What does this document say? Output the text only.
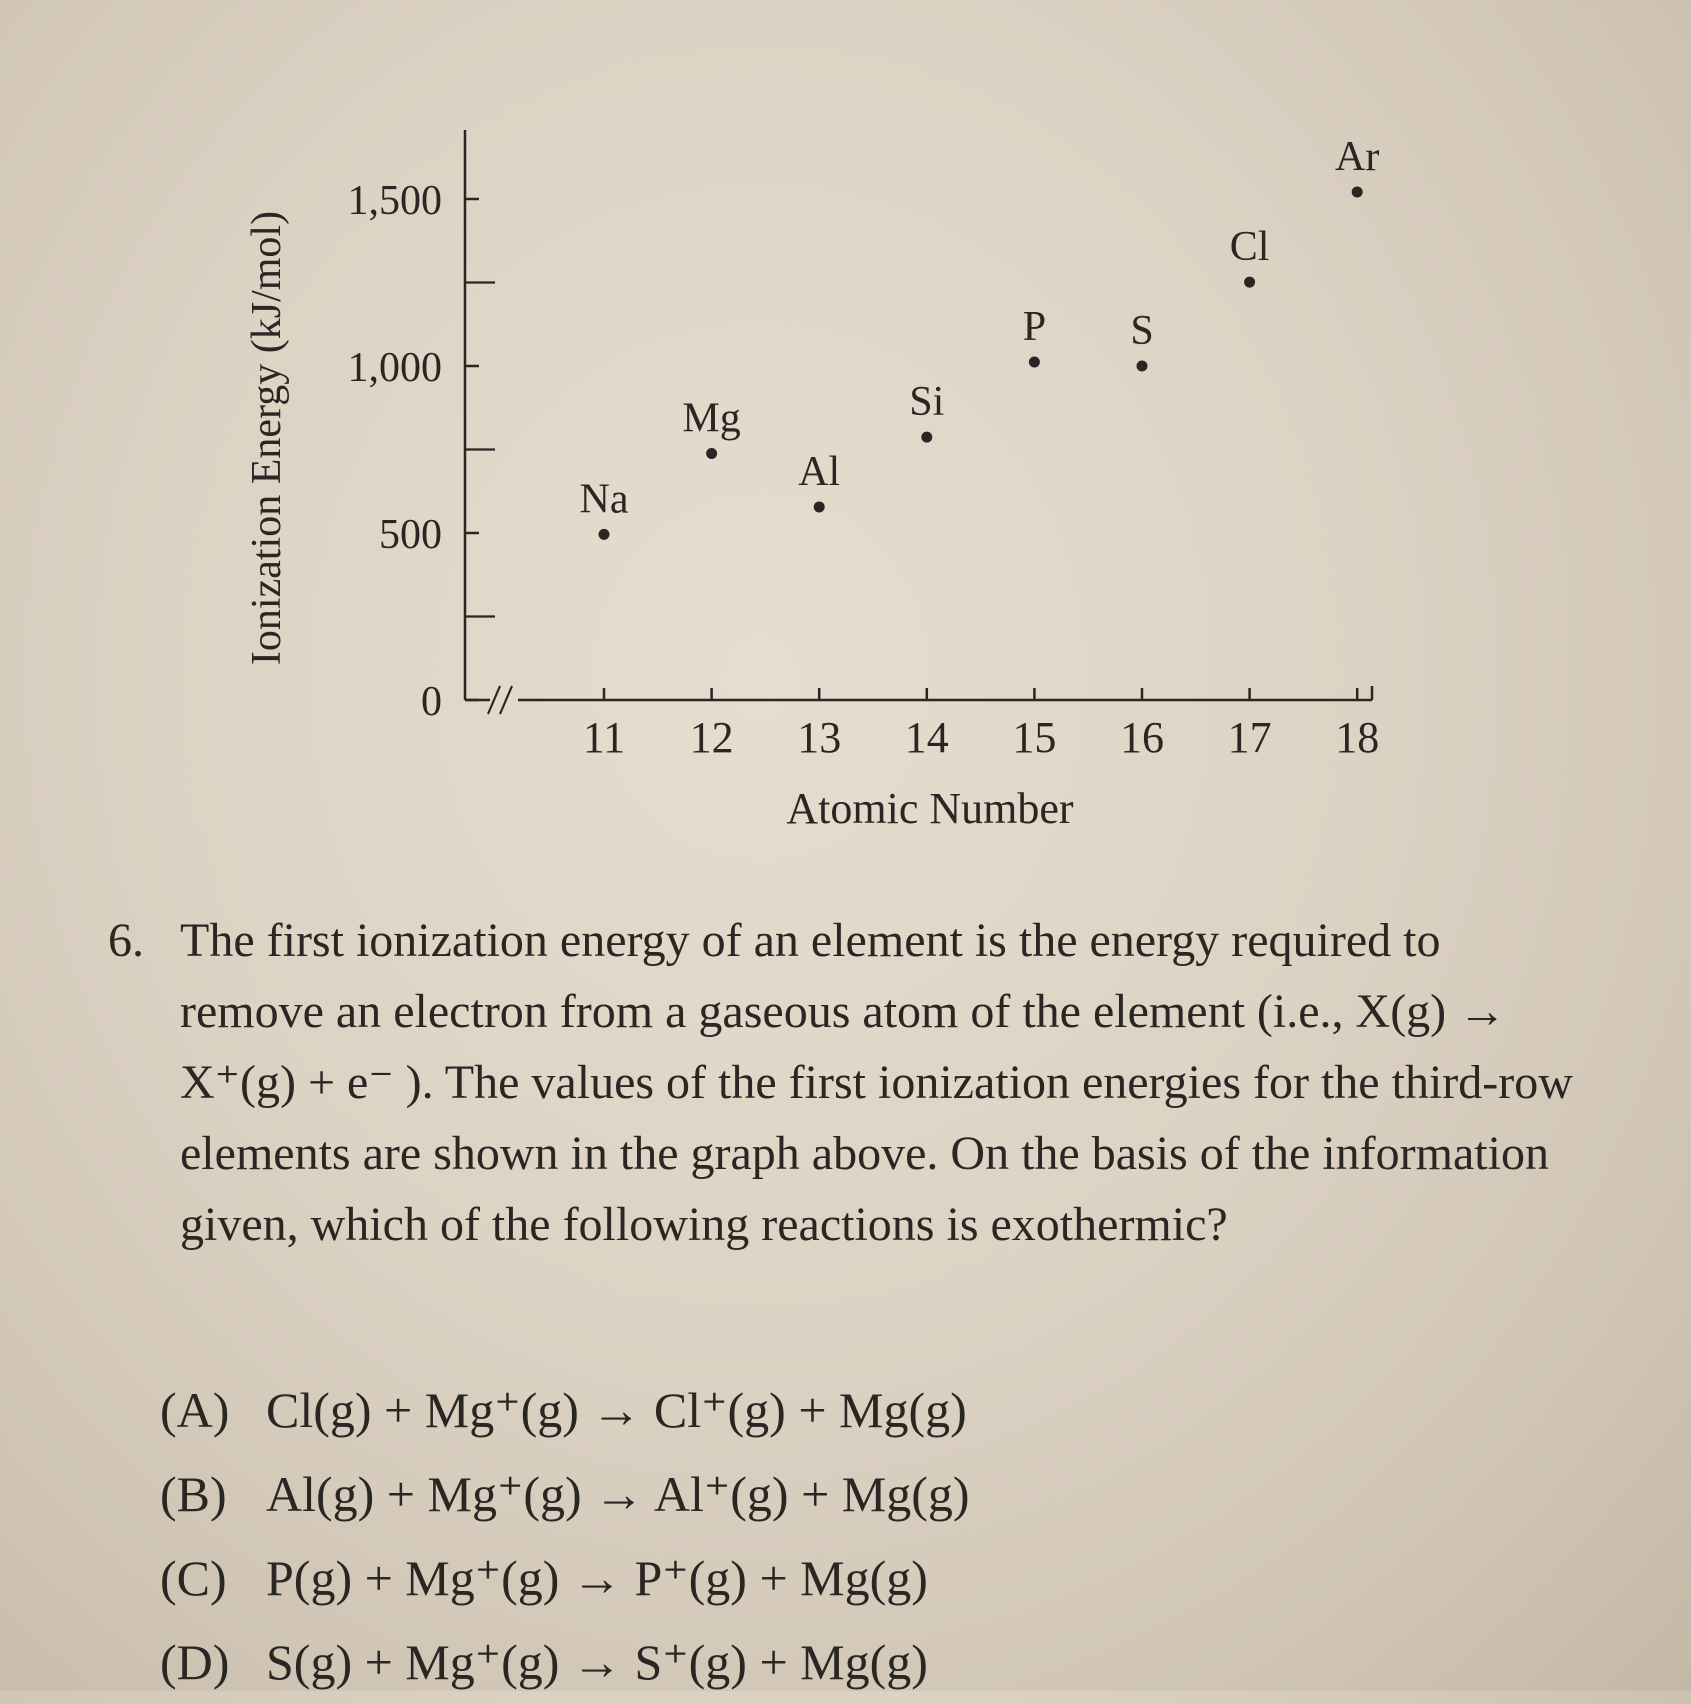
0
500
1,000
1,500
11 12 13 14 15 16 17 18
Na
Mg
Al
Si
P S
Cl
Ar
Ionization Energy (kJ/mol)
Atomic Number
6. The first ionization energy of an element is the energy required to remove an electron from a gaseous atom of the element (i.e., X(g) → X⁺(g) + e⁻ ). The values of the first ionization energies for the third-row elements are shown in the graph above. On the basis of the information given, which of the following reactions is exothermic?
(A) Cl(g) + Mg⁺(g) → Cl⁺(g) + Mg(g)
(B) Al(g) + Mg⁺(g) → Al⁺(g) + Mg(g)
(C) P(g) + Mg⁺(g) → P⁺(g) + Mg(g)
(D) S(g) + Mg⁺(g) → S⁺(g) + Mg(g)
